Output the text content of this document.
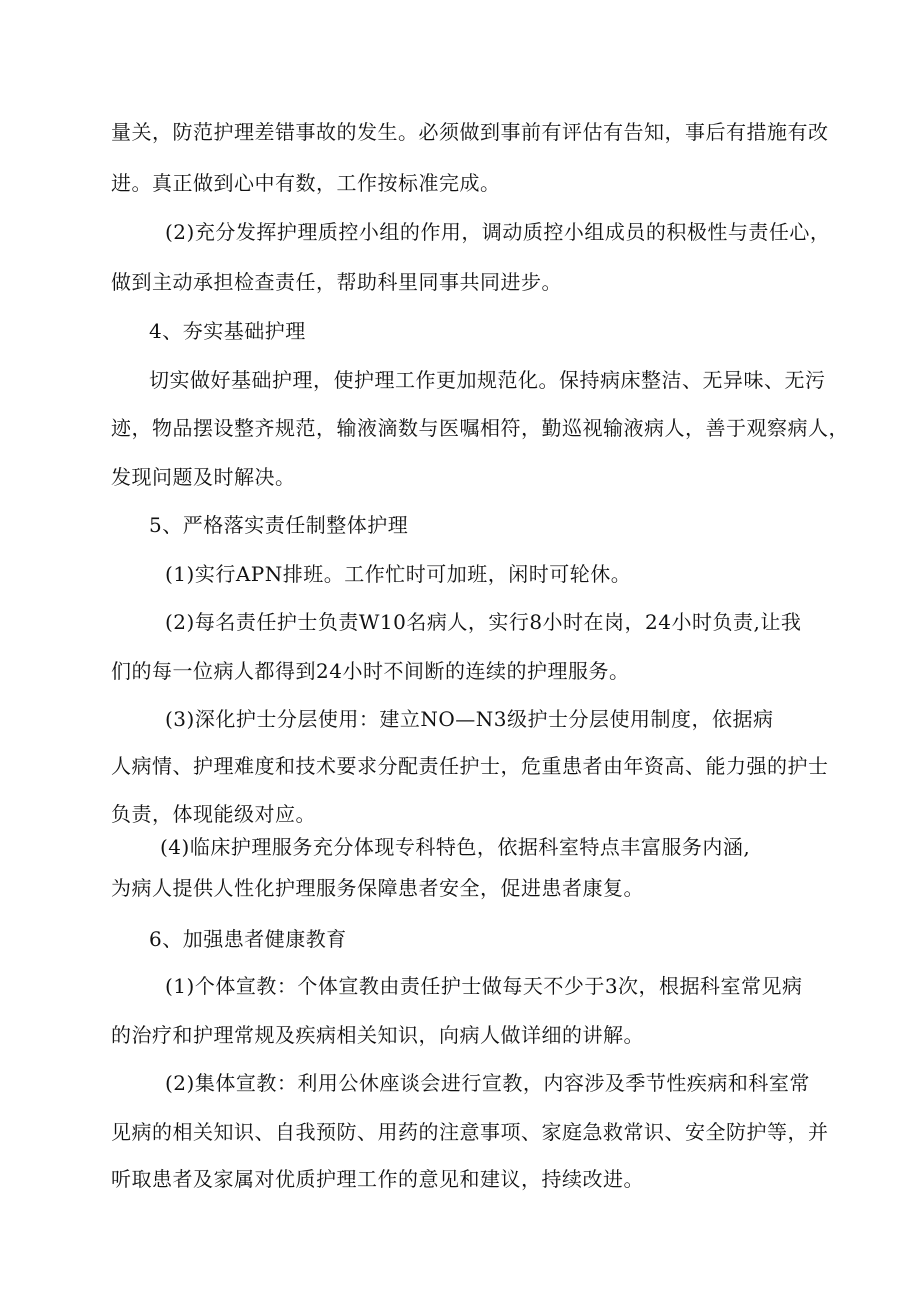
量关，防范护理差错事故的发生。必须做到事前有评估有告知，事后有措施有改
进。真正做到心中有数，工作按标准完成。
(2)充分发挥护理质控小组的作用，调动质控小组成员的积极性与责任心，
做到主动承担检查责任，帮助科里同事共同进步。
4、夯实基础护理
切实做好基础护理，使护理工作更加规范化。保持病床整洁、无异味、无污
迹，物品摆设整齐规范，输液滴数与医嘱相符，勤巡视输液病人，善于观察病人，
发现问题及时解决。
5、严格落实责任制整体护理
(1)实行APN排班。工作忙时可加班，闲时可轮休。
(2)每名责任护士负责W10名病人，实行8小时在岗，24小时负责,让我
们的每一位病人都得到24小时不间断的连续的护理服务。
(3)深化护士分层使用：建立NO—N3级护士分层使用制度，依据病
人病情、护理难度和技术要求分配责任护士，危重患者由年资高、能力强的护士
负责，体现能级对应。
(4)临床护理服务充分体现专科特色，依据科室特点丰富服务内涵,
为病人提供人性化护理服务保障患者安全，促进患者康复。
6、加强患者健康教育
(1)个体宣教：个体宣教由责任护士做每天不少于3次，根据科室常见病
的治疗和护理常规及疾病相关知识，向病人做详细的讲解。
(2)集体宣教：利用公休座谈会进行宣教，内容涉及季节性疾病和科室常
见病的相关知识、自我预防、用药的注意事项、家庭急救常识、安全防护等，并
听取患者及家属对优质护理工作的意见和建议，持续改进。
